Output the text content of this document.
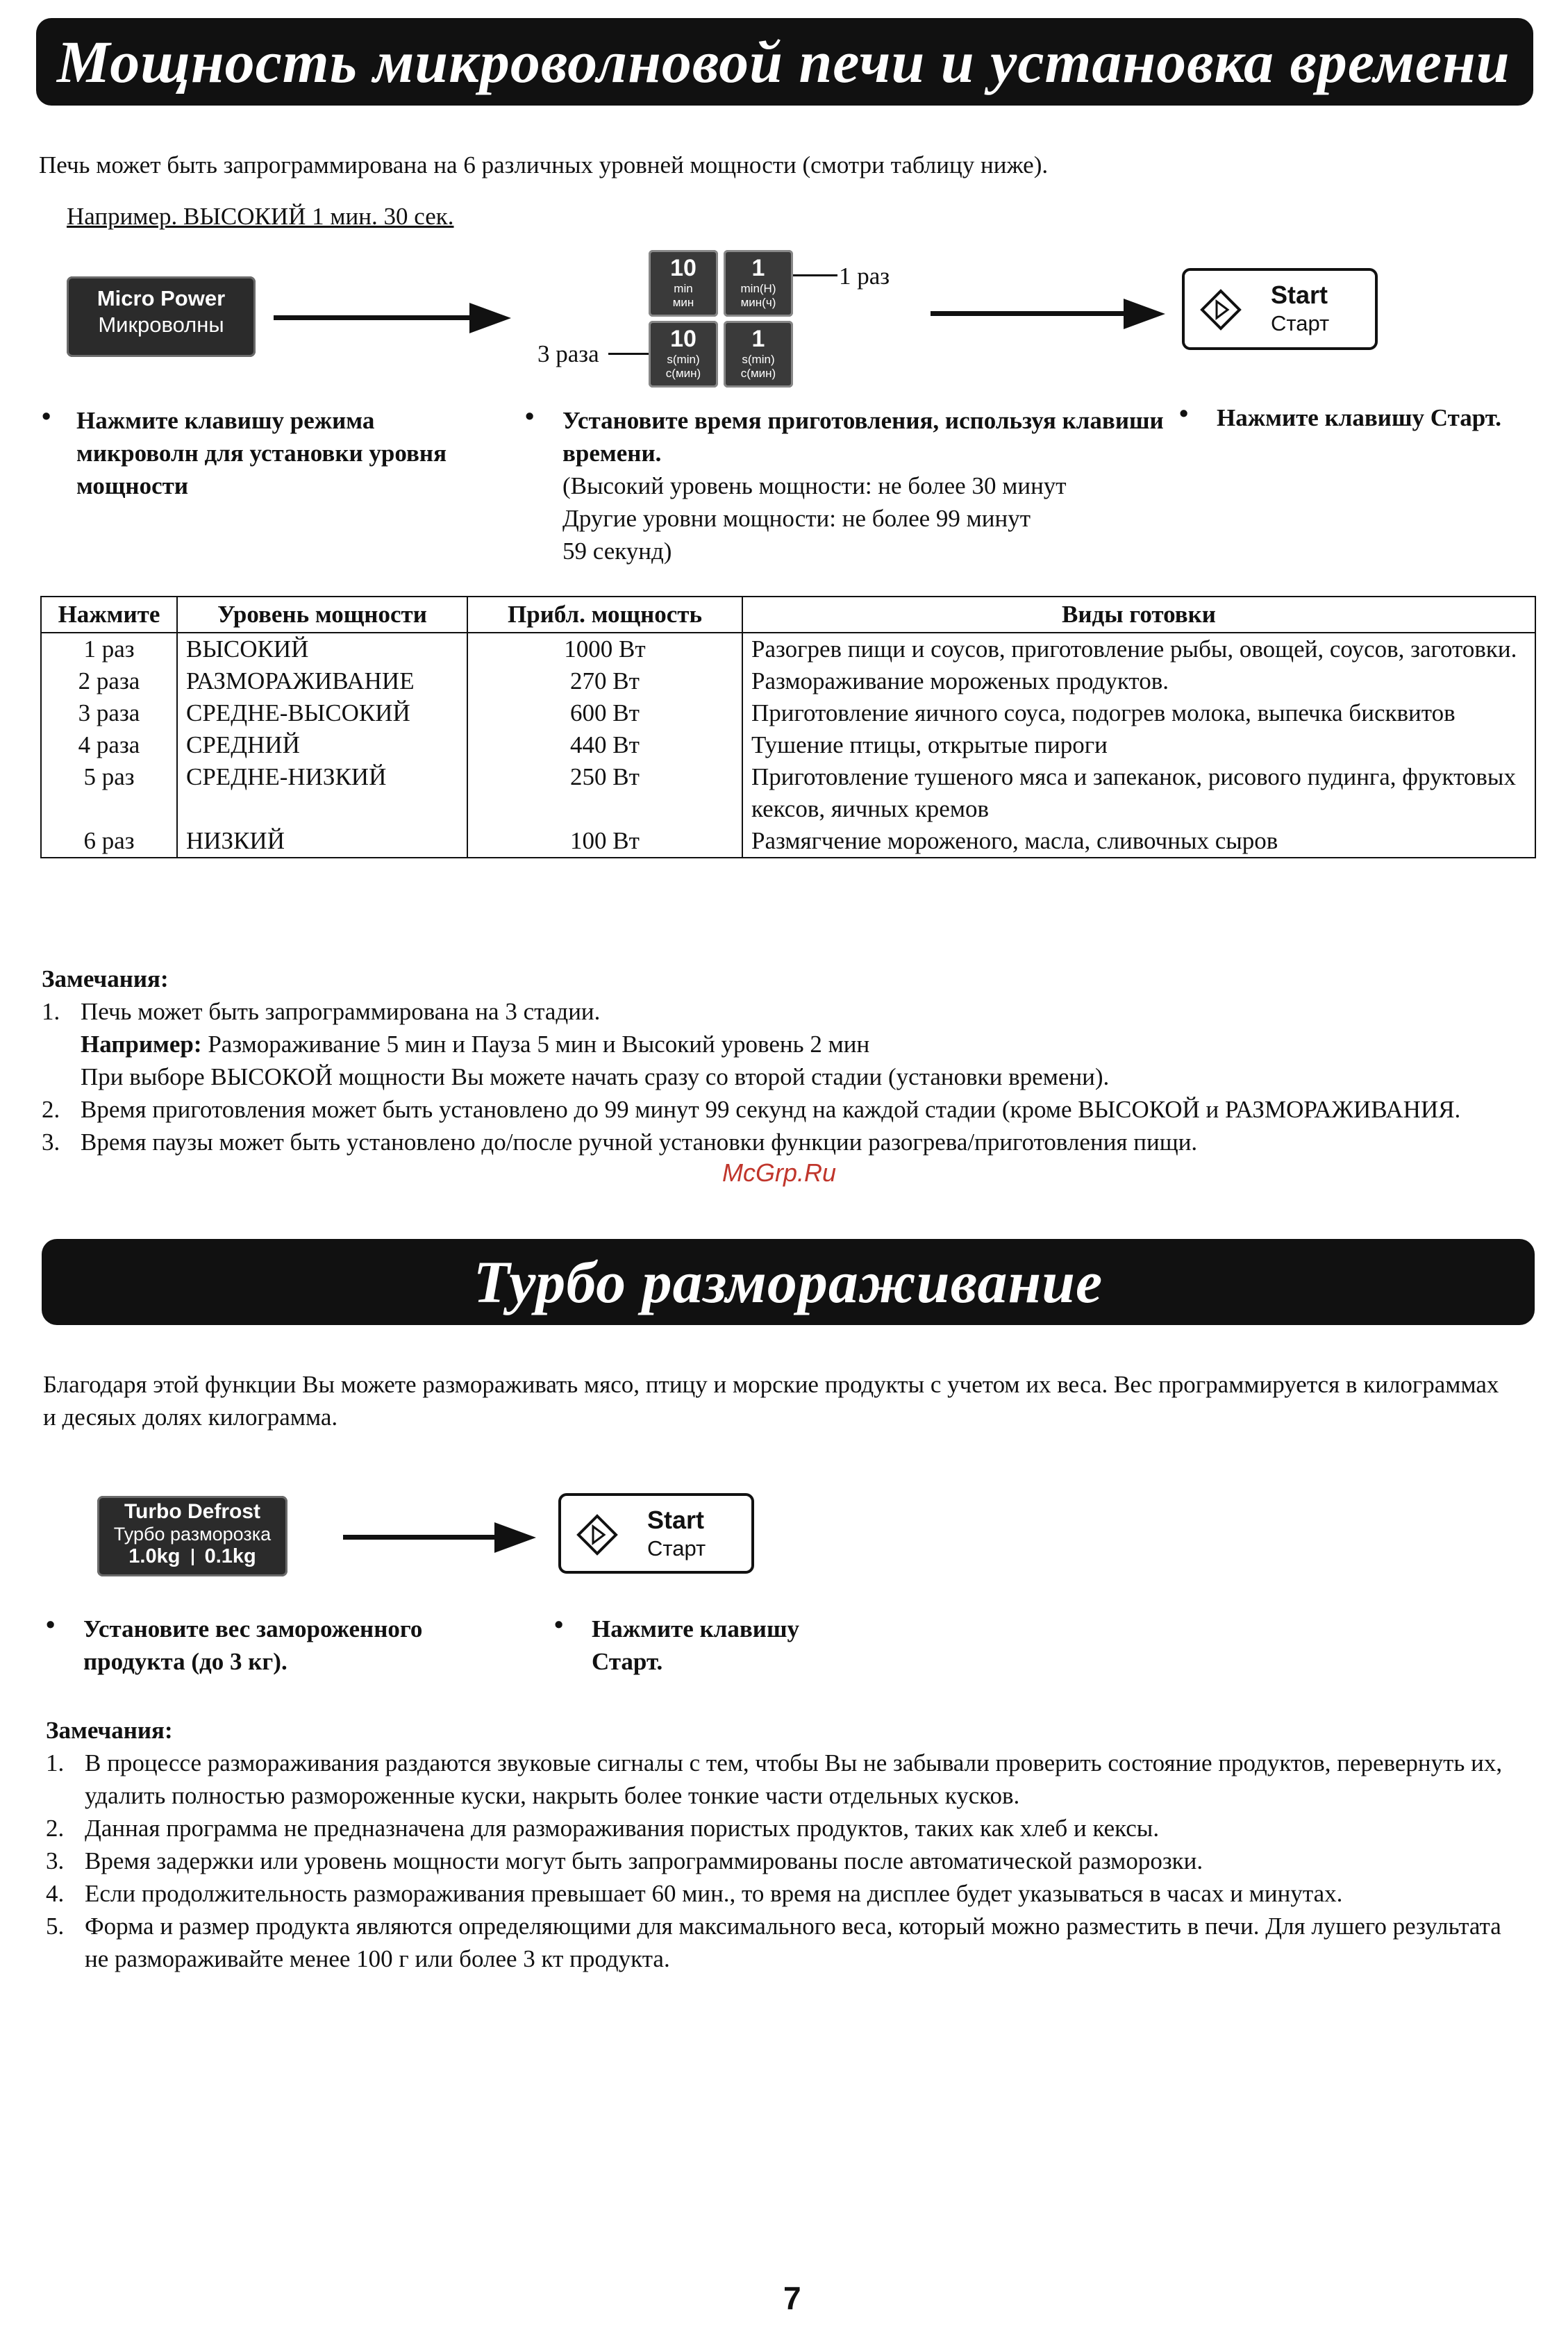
Мощность микроволновой печи и установка времени
Печь может быть запрограммирована на 6 различных уровней мощности (смотри таблицу ниже).
Например. ВЫСОКИЙ 1 мин. 30 сек.
Micro Power
Микроволны
10
min
мин
1
min(H)
мин(ч)
10
s(min)
с(мин)
1
s(min)
с(мин)
1 раз
3 раза
Start
Старт
• Нажмите клавишу режима микроволн для установки уровня мощности
• Установите время приготовления, используя клавиши времени.
(Высокий уровень мощности: не более 30 минут
Другие уровни мощности: не более 99 минут
59 секунд)
• Нажмите клавишу Старт.
Нажмите	Уровень мощности	Прибл. мощность	Виды готовки
1 раз	ВЫСОКИЙ	1000 Вт	Разогрев пищи и соусов, приготовление рыбы, овощей, соусов, заготовки.
2 раза	РАЗМОРАЖИВАНИЕ	270 Вт	Размораживание мороженых продуктов.
3 раза	СРЕДНЕ-ВЫСОКИЙ	600 Вт	Приготовление яичного соуса, подогрев молока, выпечка бисквитов
4 раза	СРЕДНИЙ	440 Вт	Тушение птицы, открытые пироги
5 раз	СРЕДНЕ-НИЗКИЙ	250 Вт	Приготовление тушеного мяса и запеканок, рисового пудинга, фруктовых кексов, яичных кремов
6 раз	НИЗКИЙ	100 Вт	Размягчение мороженого, масла, сливочных сыров
Замечания:
1. Печь может быть запрограммирована на 3 стадии.
Например: Размораживание 5 мин и Пауза 5 мин и Высокий уровень 2 мин
При выборе ВЫСОКОЙ мощности Вы можете начать сразу со второй стадии (установки времени).
2. Время приготовления может быть установлено до 99 минут 99 секунд на каждой стадии (кроме ВЫСОКОЙ и РАЗМОРАЖИВАНИЯ.
3. Время паузы может быть установлено до/после ручной установки функции разогрева/приготовления пищи.
McGrp.Ru
Турбо размораживание
Благодаря этой функции Вы можете размораживать мясо, птицу и морские продукты с учетом их веса. Вес программируется в килограммах и десяых долях килограмма.
Turbo Defrost
Турбо разморозка
1.0kg 0.1kg
Start
Старт
• Установите вес замороженного продукта (до 3 кг).
• Нажмите клавишу Старт.
Замечания:
1. В процессе размораживания раздаются звуковые сигналы с тем, чтобы Вы не забывали проверить состояние продуктов, перевернуть их, удалить полностью размороженные куски, накрыть более тонкие части отдельных кусков.
2. Данная программа не предназначена для размораживания пористых продуктов, таких как хлеб и кексы.
3. Время задержки или уровень мощности могут быть запрограммированы после автоматической разморозки.
4. Если продолжительность размораживания превышает 60 мин., то время на дисплее будет указываться в часах и минутах.
5. Форма и размер продукта являются определяющими для максимального веса, который можно разместить в печи. Для лушего результата не размораживайте менее 100 г или более 3 кт продукта.
7
